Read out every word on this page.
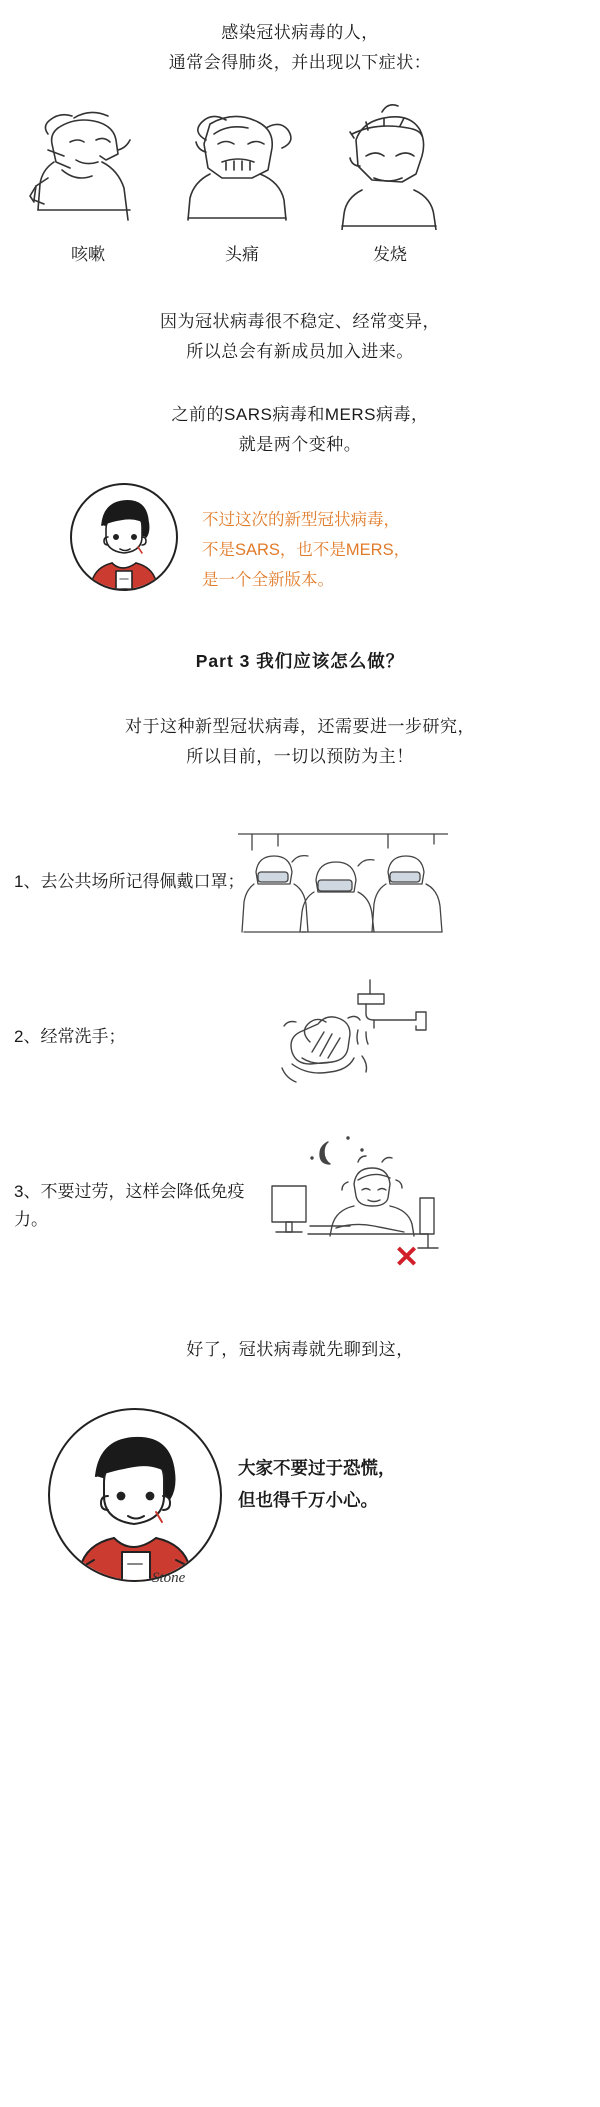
感染冠状病毒的人，
通常会得肺炎，并出现以下症状：
咳嗽	头痛	发烧
因为冠状病毒很不稳定、经常变异，
所以总会有新成员加入进来。
之前的SARS病毒和MERS病毒，
就是两个变种。
不过这次的新型冠状病毒，
不是SARS，也不是MERS，
是一个全新版本。
Part 3 我们应该怎么做？
对于这种新型冠状病毒，还需要进一步研究，
所以目前，一切以预防为主！
1、去公共场所记得佩戴口罩；
2、经常洗手；
3、不要过劳，这样会降低免疫力。
✕
好了，冠状病毒就先聊到这，
大家不要过于恐慌，
但也得千万小心。
Stone
